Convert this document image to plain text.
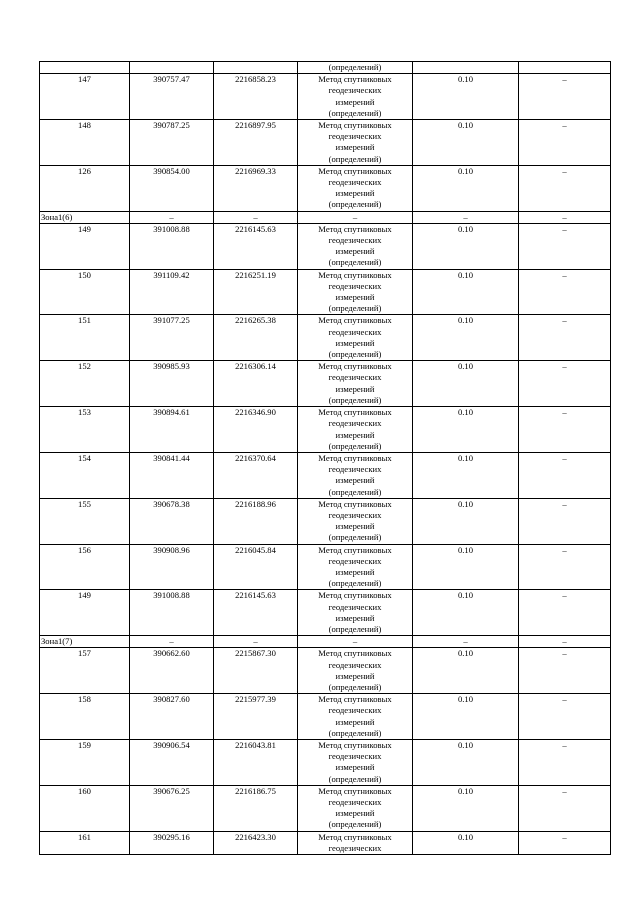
			(определений)		
147	390757.47	2216858.23	Метод спутниковых
геодезических
измерений
(определений)	0.10	–
148	390787.25	2216897.95	Метод спутниковых
геодезических
измерений
(определений)	0.10	–
126	390854.00	2216969.33	Метод спутниковых
геодезических
измерений
(определений)	0.10	–
Зона1(6)	–	–	–	–	–
149	391008.88	2216145.63	Метод спутниковых
геодезических
измерений
(определений)	0.10	–
150	391109.42	2216251.19	Метод спутниковых
геодезических
измерений
(определений)	0.10	–
151	391077.25	2216265.38	Метод спутниковых
геодезических
измерений
(определений)	0.10	–
152	390985.93	2216306.14	Метод спутниковых
геодезических
измерений
(определений)	0.10	–
153	390894.61	2216346.90	Метод спутниковых
геодезических
измерений
(определений)	0.10	–
154	390841.44	2216370.64	Метод спутниковых
геодезических
измерений
(определений)	0.10	–
155	390678.38	2216188.96	Метод спутниковых
геодезических
измерений
(определений)	0.10	–
156	390908.96	2216045.84	Метод спутниковых
геодезических
измерений
(определений)	0.10	–
149	391008.88	2216145.63	Метод спутниковых
геодезических
измерений
(определений)	0.10	–
Зона1(7)	–	–	–	–	–
157	390662.60	2215867.30	Метод спутниковых
геодезических
измерений
(определений)	0.10	–
158	390827.60	2215977.39	Метод спутниковых
геодезических
измерений
(определений)	0.10	–
159	390906.54	2216043.81	Метод спутниковых
геодезических
измерений
(определений)	0.10	–
160	390676.25	2216186.75	Метод спутниковых
геодезических
измерений
(определений)	0.10	–
161	390295.16	2216423.30	Метод спутниковых
геодезических	0.10	–
